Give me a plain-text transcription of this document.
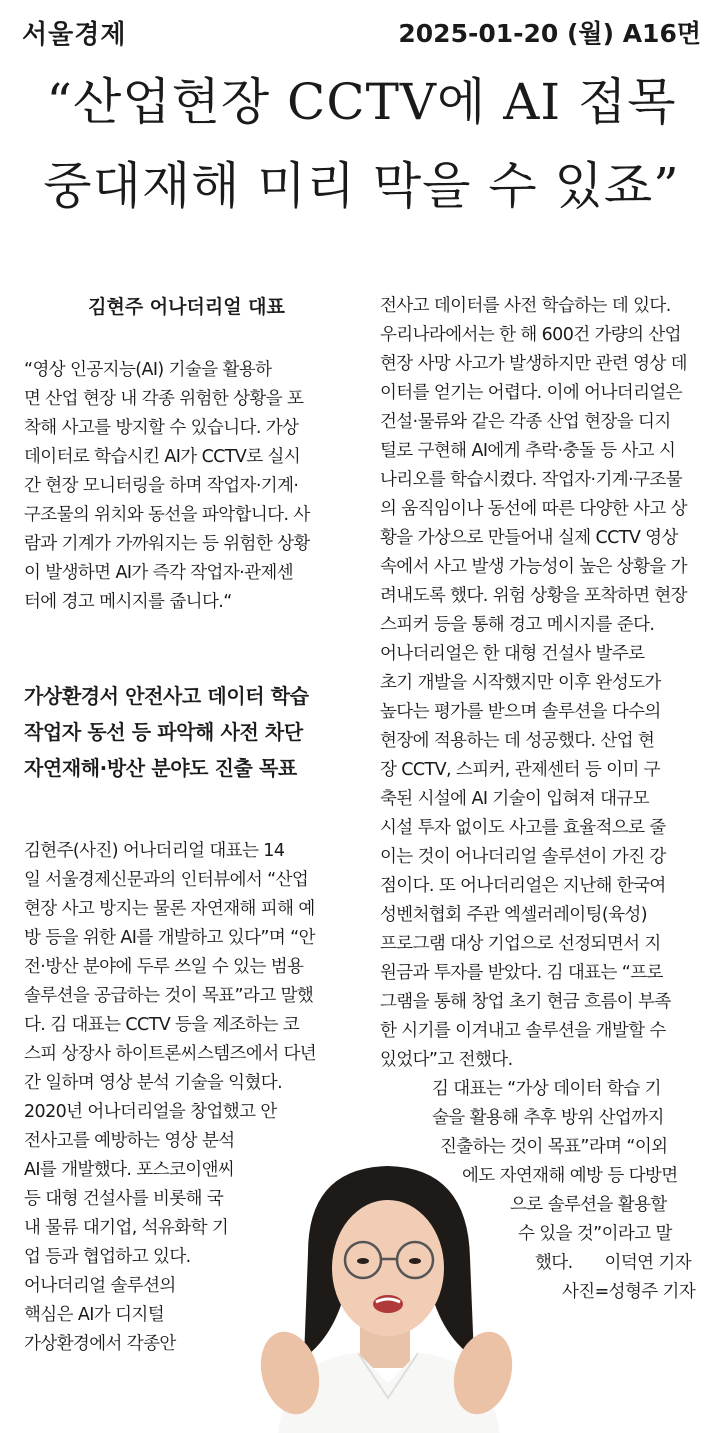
서울경제	2025-01-20 (월) A16면
“산업현장 CCTV에 AI 접목
중대재해 미리 막을 수 있죠”
김현주 어나더리얼 대표

“영상 인공지능(AI) 기술을 활용하

면 산업 현장 내 각종 위험한 상황을 포

착해 사고를 방지할 수 있습니다. 가상

데이터로 학습시킨 AI가 CCTV로 실시

간 현장 모니터링을 하며 작업자·기계·

구조물의 위치와 동선을 파악합니다. 사

람과 기계가 가까워지는 등 위험한 상황

이 발생하면 AI가 즉각 작업자·관제센

터에 경고 메시지를 줍니다.“

가상환경서 안전사고 데이터 학습

작업자 동선 등 파악해 사전 차단

자연재해·방산 분야도 진출 목표

김현주(사진) 어나더리얼 대표는 14

일 서울경제신문과의 인터뷰에서 “산업

현장 사고 방지는 물론 자연재해 피해 예

방 등을 위한 AI를 개발하고 있다”며 “안

전·방산 분야에 두루 쓰일 수 있는 범용

솔루션을 공급하는 것이 목표”라고 말했

다. 김 대표는 CCTV 등을 제조하는 코

스피 상장사 하이트론씨스템즈에서 다년

간 일하며 영상 분석 기술을 익혔다.

2020년 어나더리얼을 창업했고 안

전사고를 예방하는 영상 분석

AI를 개발했다. 포스코이앤씨

등 대형 건설사를 비롯해 국

내 물류 대기업, 석유화학 기

업 등과 협업하고 있다.

어나더리얼 솔루션의

핵심은 AI가 디지털

가상환경에서 각종안

전사고 데이터를 사전 학습하는 데 있다.

우리나라에서는 한 해 600건 가량의 산업

현장 사망 사고가 발생하지만 관련 영상 데

이터를 얻기는 어렵다. 이에 어나더리얼은

건설·물류와 같은 각종 산업 현장을 디지

털로 구현해 AI에게 추락·충돌 등 사고 시

나리오를 학습시켰다. 작업자·기계·구조물

의 움직임이나 동선에 따른 다양한 사고 상

황을 가상으로 만들어내 실제 CCTV 영상

속에서 사고 발생 가능성이 높은 상황을 가

려내도록 했다. 위험 상황을 포착하면 현장

스피커 등을 통해 경고 메시지를 준다.

어나더리얼은 한 대형 건설사 발주로

초기 개발을 시작했지만 이후 완성도가

높다는 평가를 받으며 솔루션을 다수의

현장에 적용하는 데 성공했다. 산업 현

장 CCTV, 스피커, 관제센터 등 이미 구

축된 시설에 AI 기술이 입혀져 대규모

시설 투자 없이도 사고를 효율적으로 줄

이는 것이 어나더리얼 솔루션이 가진 강

점이다. 또 어나더리얼은 지난해 한국여

성벤처협회 주관 엑셀러레이팅(육성)

프로그램 대상 기업으로 선정되면서 지

원금과 투자를 받았다. 김 대표는 “프로

그램을 통해 창업 초기 현금 흐름이 부족

한 시기를 이겨내고 솔루션을 개발할 수

있었다”고 전했다.

김 대표는 “가상 데이터 학습 기

술을 활용해 추후 방위 산업까지

진출하는 것이 목표”라며 “이외

에도 자연재해 예방 등 다방면

으로 솔루션을 활용할

수 있을 것”이라고 말

했다. 이덕연 기자

사진=성형주 기자
